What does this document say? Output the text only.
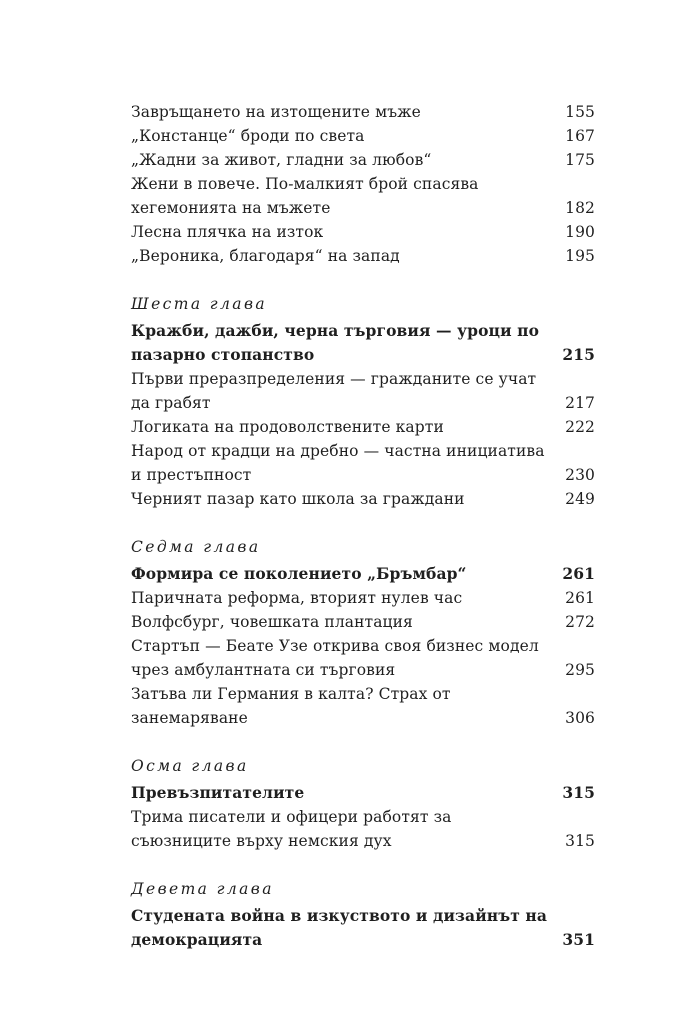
Завръщането на изтощените мъже	155
„Констанце“ броди по света	167
„Жадни за живот, гладни за любов“	175
Жени в повече. По-малкият брой спасява хегемонията на мъжете	182
Лесна плячка на изток	190
„Вероника, благодаря“ на запад	195
Шеста глава
Кражби, дажби, черна търговия — уроци по пазарно стопанство	215
Първи преразпределения — гражданите се учат да грабят	217
Логиката на продоволствените карти	222
Народ от крадци на дребно — частна инициатива и престъпност	230
Черният пазар като школа за граждани	249
Седма глава
Формира се поколението „Бръмбар“	261
Паричната реформа, вторият нулев час	261
Волфсбург, човешката плантация	272
Стартъп — Беате Узе открива своя бизнес модел чрез амбулантната си търговия	295
Затъва ли Германия в калта? Страх от занемаряване	306
Осма глава
Превъзпитателите	315
Трима писатели и офицери работят за съюзниците върху немския дух	315
Девета глава
Студената война в изкуството и дизайнът на демокрацията	351
